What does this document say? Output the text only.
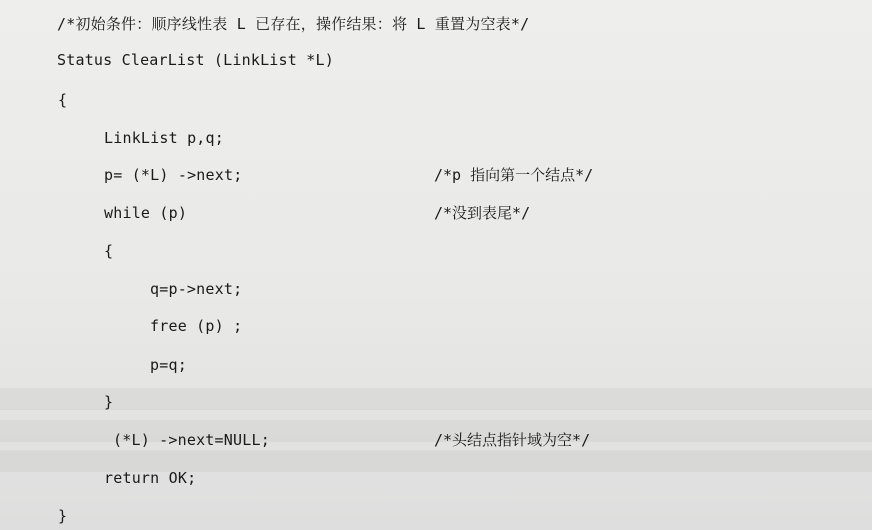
/*初始条件：顺序线性表 L 已存在，操作结果：将 L 重置为空表*/
Status ClearList (LinkList *L)
{
LinkList p,q;
p= (*L) ->next;	/*p 指向第一个结点*/
while (p)	/*没到表尾*/
{
q=p->next;
free (p) ;
p=q;
}
(*L) ->next=NULL;	/*头结点指针域为空*/
return OK;
}
